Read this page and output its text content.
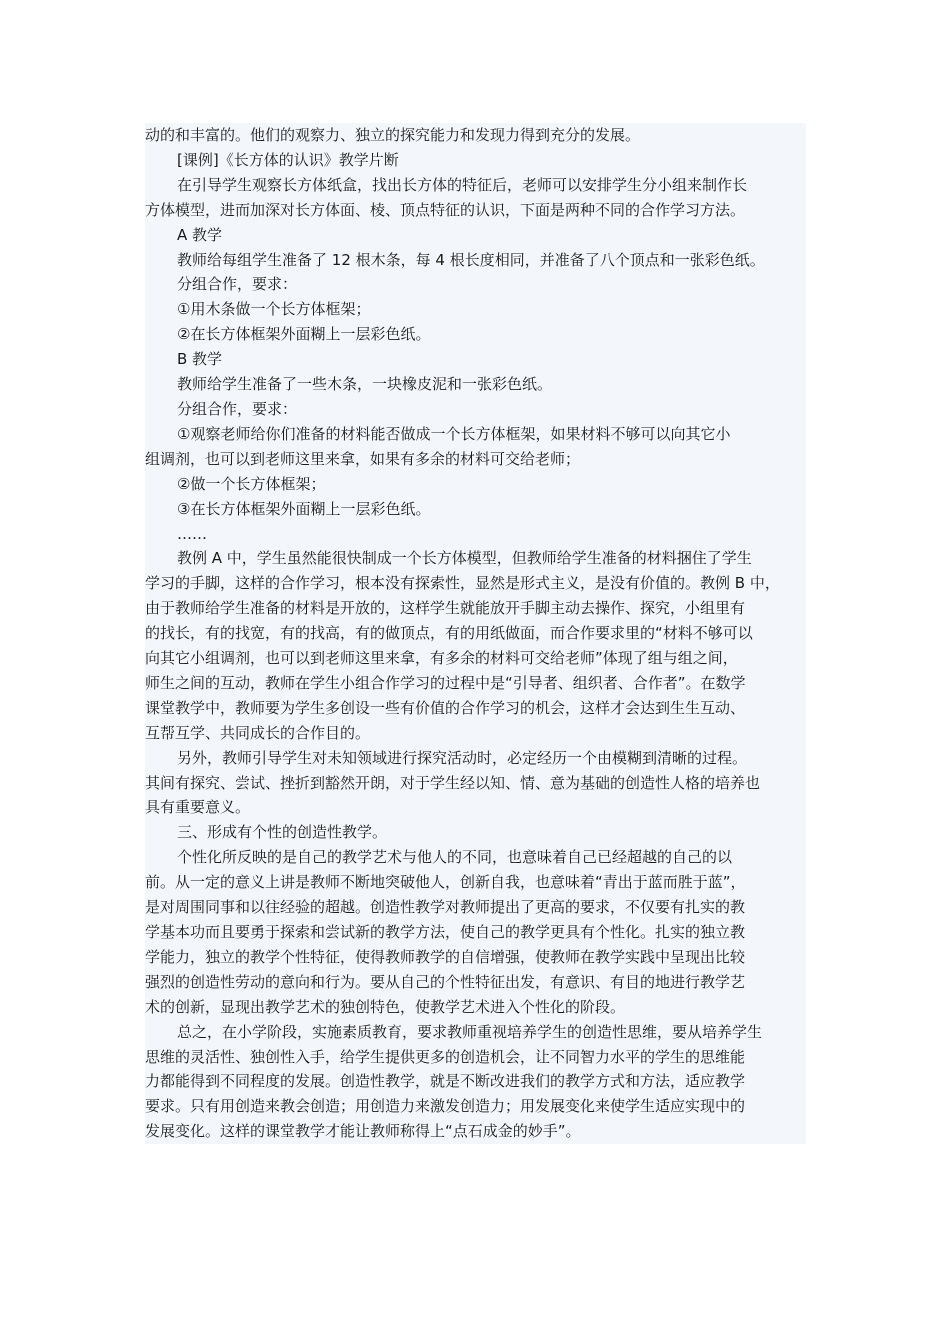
动的和丰富的。他们的观察力、独立的探究能力和发现力得到充分的发展。
[课例]《长方体的认识》教学片断
在引导学生观察长方体纸盒，找出长方体的特征后，老师可以安排学生分小组来制作长
方体模型，进而加深对长方体面、棱、顶点特征的认识，下面是两种不同的合作学习方法。
A 教学
教师给每组学生准备了 12 根木条，每 4 根长度相同，并准备了八个顶点和一张彩色纸。
分组合作，要求：
①用木条做一个长方体框架；
②在长方体框架外面糊上一层彩色纸。
B 教学
教师给学生准备了一些木条，一块橡皮泥和一张彩色纸。
分组合作，要求：
①观察老师给你们准备的材料能否做成一个长方体框架，如果材料不够可以向其它小
组调剂，也可以到老师这里来拿，如果有多余的材料可交给老师；
②做一个长方体框架；
③在长方体框架外面糊上一层彩色纸。
……
教例 A 中，学生虽然能很快制成一个长方体模型，但教师给学生准备的材料捆住了学生
学习的手脚，这样的合作学习，根本没有探索性，显然是形式主义，是没有价值的。教例 B 中，
由于教师给学生准备的材料是开放的，这样学生就能放开手脚主动去操作、探究，小组里有
的找长，有的找宽，有的找高，有的做顶点，有的用纸做面，而合作要求里的“材料不够可以
向其它小组调剂，也可以到老师这里来拿，有多余的材料可交给老师”体现了组与组之间，
师生之间的互动，教师在学生小组合作学习的过程中是“引导者、组织者、合作者”。在数学
课堂教学中，教师要为学生多创设一些有价值的合作学习的机会，这样才会达到生生互动、
互帮互学、共同成长的合作目的。
另外，教师引导学生对未知领域进行探究活动时，必定经历一个由模糊到清晰的过程。
其间有探究、尝试、挫折到豁然开朗，对于学生经以知、情、意为基础的创造性人格的培养也
具有重要意义。
三、形成有个性的创造性教学。
个性化所反映的是自己的教学艺术与他人的不同，也意味着自己已经超越的自己的以
前。从一定的意义上讲是教师不断地突破他人，创新自我，也意味着“青出于蓝而胜于蓝”，
是对周围同事和以往经验的超越。创造性教学对教师提出了更高的要求，不仅要有扎实的教
学基本功而且要勇于探索和尝试新的教学方法，使自己的教学更具有个性化。扎实的独立教
学能力，独立的教学个性特征，使得教师教学的自信增强，使教师在教学实践中呈现出比较
强烈的创造性劳动的意向和行为。要从自己的个性特征出发，有意识、有目的地进行教学艺
术的创新，显现出教学艺术的独创特色，使教学艺术进入个性化的阶段。
总之，在小学阶段，实施素质教育，要求教师重视培养学生的创造性思维，要从培养学生
思维的灵活性、独创性入手，给学生提供更多的创造机会，让不同智力水平的学生的思维能
力都能得到不同程度的发展。创造性教学，就是不断改进我们的教学方式和方法，适应教学
要求。只有用创造来教会创造；用创造力来激发创造力；用发展变化来使学生适应实现中的
发展变化。这样的课堂教学才能让教师称得上“点石成金的妙手”。
